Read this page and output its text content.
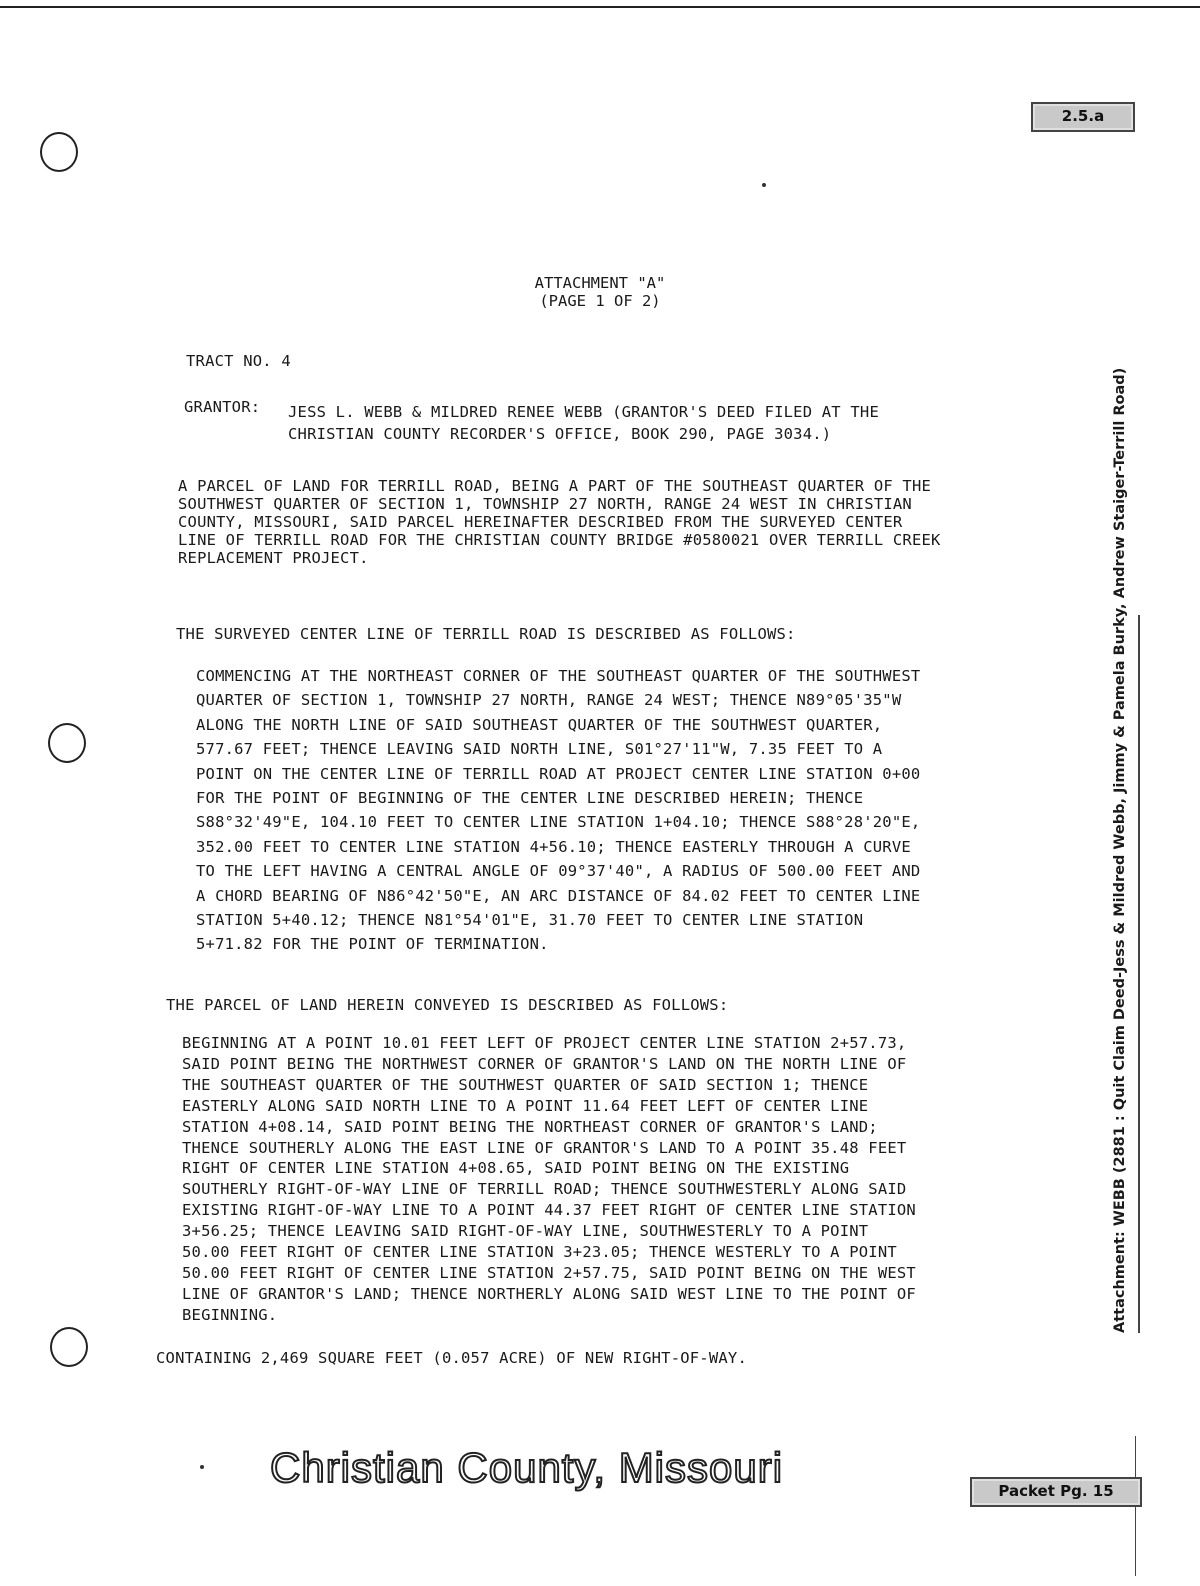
2.5.a
ATTACHMENT "A"
(PAGE 1 OF 2)
TRACT NO. 4
GRANTOR: JESS L. WEBB & MILDRED RENEE WEBB (GRANTOR'S DEED FILED AT THE
CHRISTIAN COUNTY RECORDER'S OFFICE, BOOK 290, PAGE 3034.)
A PARCEL OF LAND FOR TERRILL ROAD, BEING A PART OF THE SOUTHEAST QUARTER OF THE
SOUTHWEST QUARTER OF SECTION 1, TOWNSHIP 27 NORTH, RANGE 24 WEST IN CHRISTIAN
COUNTY, MISSOURI, SAID PARCEL HEREINAFTER DESCRIBED FROM THE SURVEYED CENTER
LINE OF TERRILL ROAD FOR THE CHRISTIAN COUNTY BRIDGE #0580021 OVER TERRILL CREEK
REPLACEMENT PROJECT.
THE SURVEYED CENTER LINE OF TERRILL ROAD IS DESCRIBED AS FOLLOWS:
COMMENCING AT THE NORTHEAST CORNER OF THE SOUTHEAST QUARTER OF THE SOUTHWEST
QUARTER OF SECTION 1, TOWNSHIP 27 NORTH, RANGE 24 WEST; THENCE N89°05'35"W
ALONG THE NORTH LINE OF SAID SOUTHEAST QUARTER OF THE SOUTHWEST QUARTER,
577.67 FEET; THENCE LEAVING SAID NORTH LINE, S01°27'11"W, 7.35 FEET TO A
POINT ON THE CENTER LINE OF TERRILL ROAD AT PROJECT CENTER LINE STATION 0+00
FOR THE POINT OF BEGINNING OF THE CENTER LINE DESCRIBED HEREIN; THENCE
S88°32'49"E, 104.10 FEET TO CENTER LINE STATION 1+04.10; THENCE S88°28'20"E,
352.00 FEET TO CENTER LINE STATION 4+56.10; THENCE EASTERLY THROUGH A CURVE
TO THE LEFT HAVING A CENTRAL ANGLE OF 09°37'40", A RADIUS OF 500.00 FEET AND
A CHORD BEARING OF N86°42'50"E, AN ARC DISTANCE OF 84.02 FEET TO CENTER LINE
STATION 5+40.12; THENCE N81°54'01"E, 31.70 FEET TO CENTER LINE STATION
5+71.82 FOR THE POINT OF TERMINATION.
THE PARCEL OF LAND HEREIN CONVEYED IS DESCRIBED AS FOLLOWS:
BEGINNING AT A POINT 10.01 FEET LEFT OF PROJECT CENTER LINE STATION 2+57.73,
SAID POINT BEING THE NORTHWEST CORNER OF GRANTOR'S LAND ON THE NORTH LINE OF
THE SOUTHEAST QUARTER OF THE SOUTHWEST QUARTER OF SAID SECTION 1; THENCE
EASTERLY ALONG SAID NORTH LINE TO A POINT 11.64 FEET LEFT OF CENTER LINE
STATION 4+08.14, SAID POINT BEING THE NORTHEAST CORNER OF GRANTOR'S LAND;
THENCE SOUTHERLY ALONG THE EAST LINE OF GRANTOR'S LAND TO A POINT 35.48 FEET
RIGHT OF CENTER LINE STATION 4+08.65, SAID POINT BEING ON THE EXISTING
SOUTHERLY RIGHT-OF-WAY LINE OF TERRILL ROAD; THENCE SOUTHWESTERLY ALONG SAID
EXISTING RIGHT-OF-WAY LINE TO A POINT 44.37 FEET RIGHT OF CENTER LINE STATION
3+56.25; THENCE LEAVING SAID RIGHT-OF-WAY LINE, SOUTHWESTERLY TO A POINT
50.00 FEET RIGHT OF CENTER LINE STATION 3+23.05; THENCE WESTERLY TO A POINT
50.00 FEET RIGHT OF CENTER LINE STATION 2+57.75, SAID POINT BEING ON THE WEST
LINE OF GRANTOR'S LAND; THENCE NORTHERLY ALONG SAID WEST LINE TO THE POINT OF
BEGINNING.
CONTAINING 2,469 SQUARE FEET (0.057 ACRE) OF NEW RIGHT-OF-WAY.
Attachment: WEBB (2881 : Quit Claim Deed-Jess & Mildred Webb, Jimmy & Pamela Burky, Andrew Staiger-Terrill Road)
Christian County, Missouri	Packet Pg. 15
